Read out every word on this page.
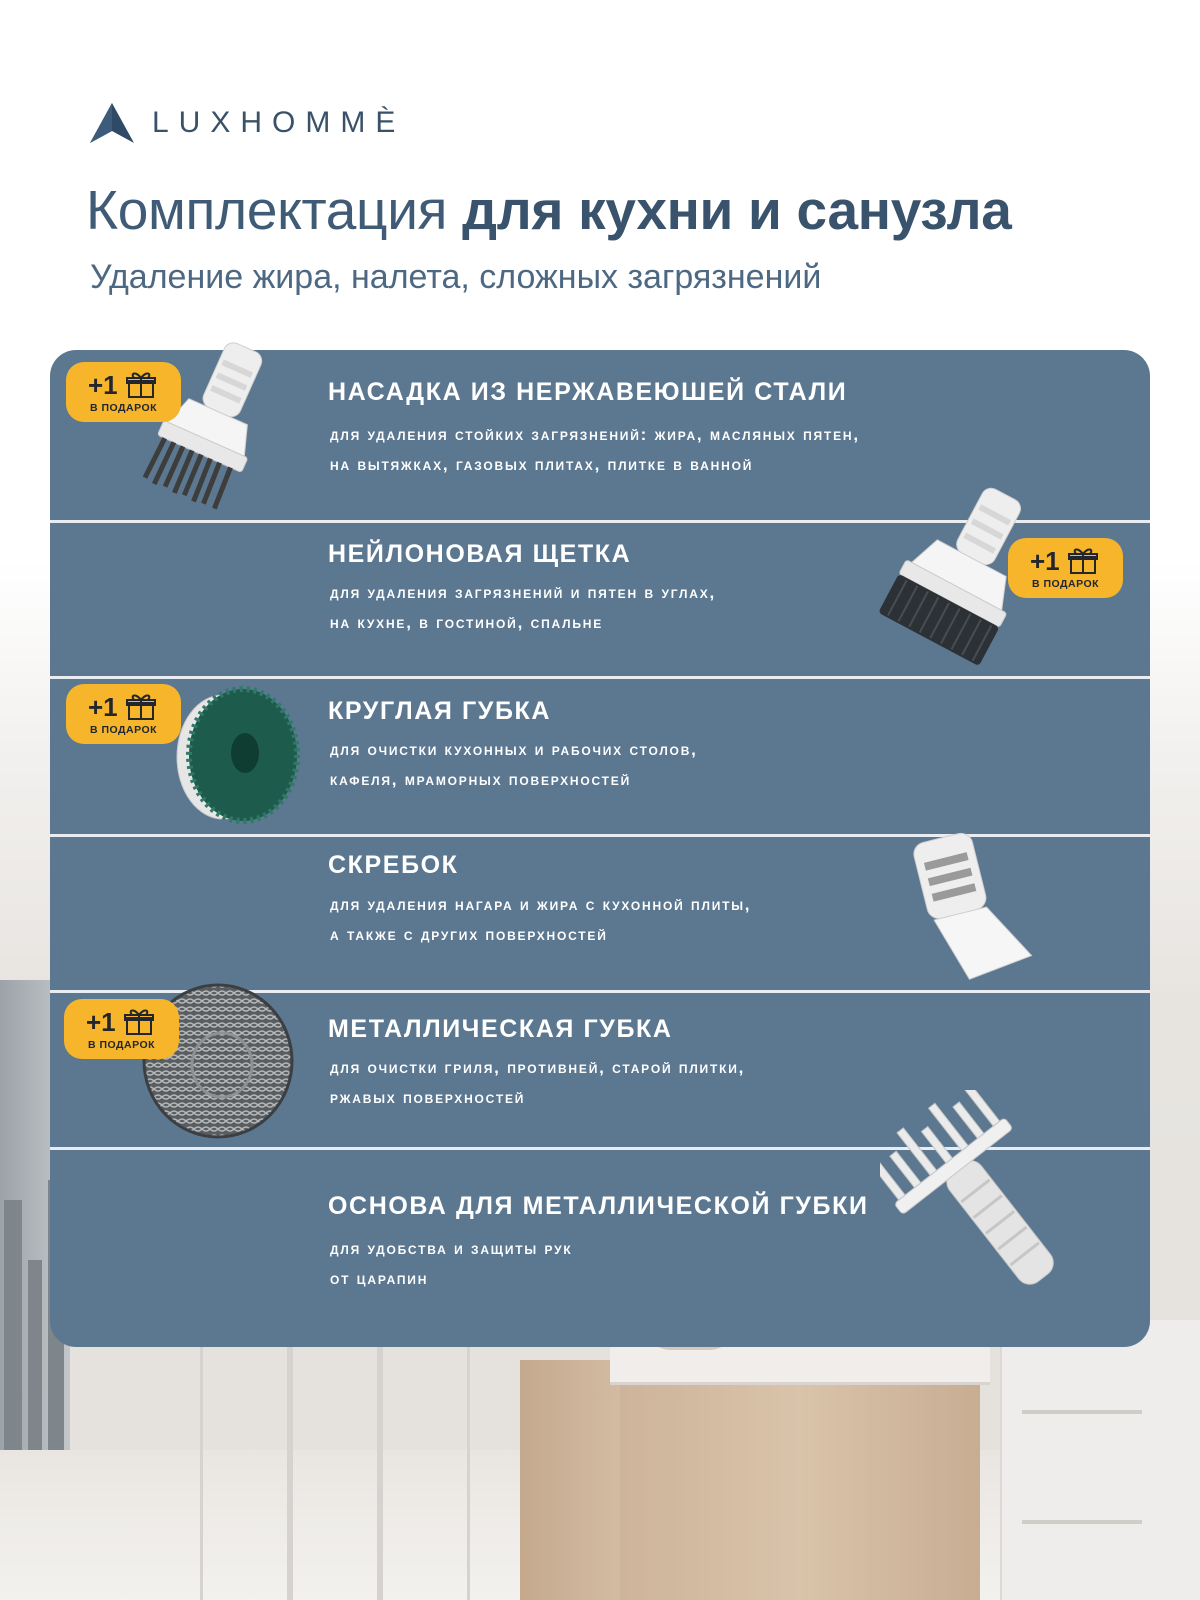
LUXHOMMÈ
Комплектация для кухни и санузла
Удаление жира, налета, сложных загрязнений
+1
В ПОДАРОК
НАСАДКА ИЗ НЕРЖАВЕЮШЕЙ СТАЛИ
для удаления стойких загрязнений: жира, масляных пятен,
на вытяжках, газовых плитах, плитке в ванной
+1
В ПОДАРОК
НЕЙЛОНОВАЯ ЩЕТКА
для удаления загрязнений и пятен в углах,
на кухне, в гостиной, спальне
+1
В ПОДАРОК
КРУГЛАЯ ГУБКА
для очистки кухонных и рабочих столов,
кафеля, мраморных поверхностей
СКРЕБОК
для удаления нагара и жира с кухонной плиты,
а также с других поверхностей
+1
В ПОДАРОК
МЕТАЛЛИЧЕСКАЯ ГУБКА
для очистки гриля, противней, старой плитки,
ржавых поверхностей
ОСНОВА ДЛЯ МЕТАЛЛИЧЕСКОЙ ГУБКИ
для удобства и защиты рук
от царапин
